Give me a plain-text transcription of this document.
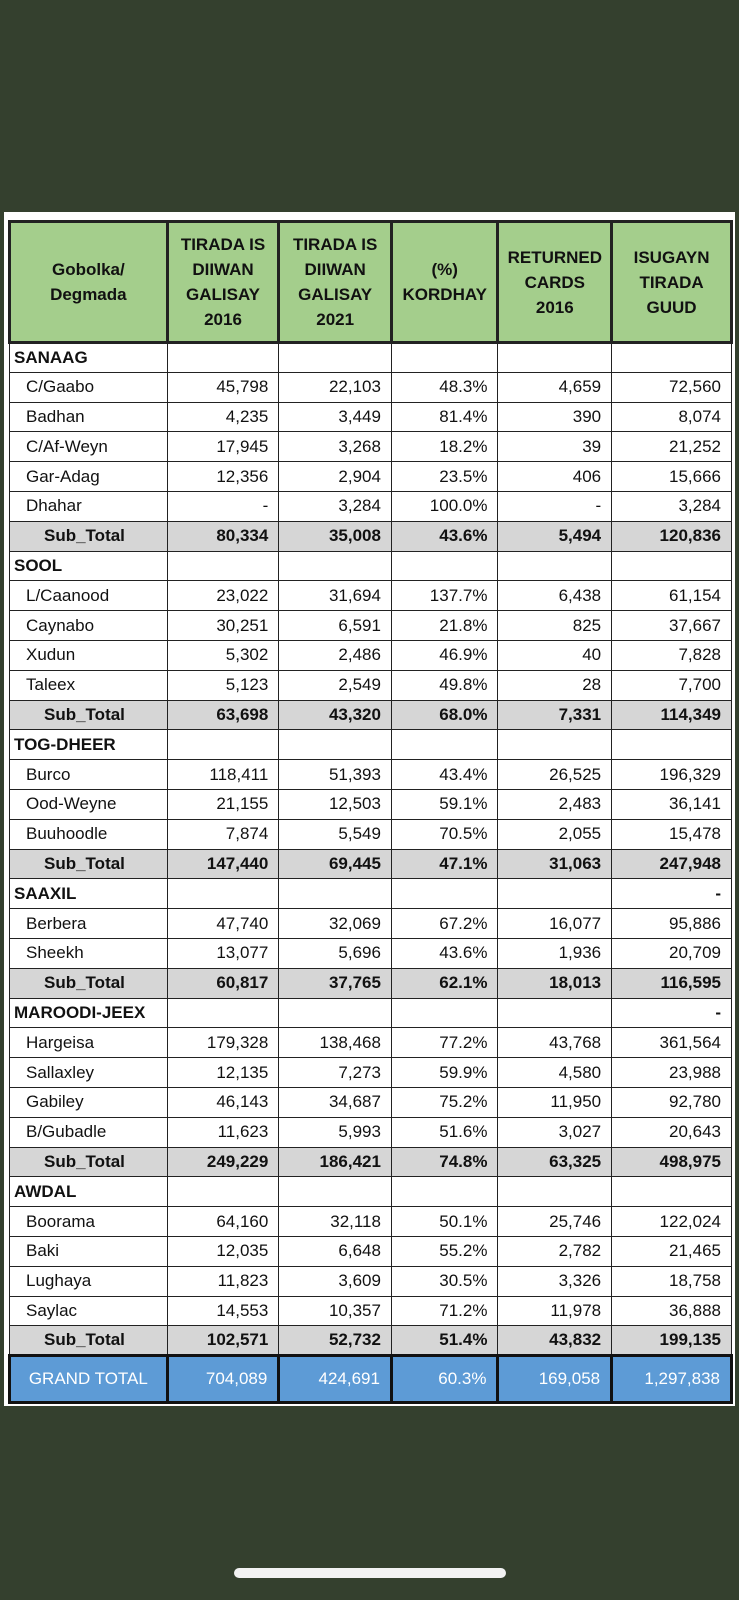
Gobolka/ Degmada	TIRADA IS DIIWAN GALISAY 2016	TIRADA IS DIIWAN GALISAY 2021	(%) KORDHAY	RETURNED CARDS 2016	ISUGAYN TIRADA GUUD
SANAAG					
C/Gaabo	45,798	22,103	48.3%	4,659	72,560
Badhan	4,235	3,449	81.4%	390	8,074
C/Af-Weyn	17,945	3,268	18.2%	39	21,252
Gar-Adag	12,356	2,904	23.5%	406	15,666
Dhahar	-	3,284	100.0%	-	3,284
Sub_Total	80,334	35,008	43.6%	5,494	120,836
SOOL					
L/Caanood	23,022	31,694	137.7%	6,438	61,154
Caynabo	30,251	6,591	21.8%	825	37,667
Xudun	5,302	2,486	46.9%	40	7,828
Taleex	5,123	2,549	49.8%	28	7,700
Sub_Total	63,698	43,320	68.0%	7,331	114,349
TOG-DHEER					
Burco	118,411	51,393	43.4%	26,525	196,329
Ood-Weyne	21,155	12,503	59.1%	2,483	36,141
Buuhoodle	7,874	5,549	70.5%	2,055	15,478
Sub_Total	147,440	69,445	47.1%	31,063	247,948
SAAXIL					-
Berbera	47,740	32,069	67.2%	16,077	95,886
Sheekh	13,077	5,696	43.6%	1,936	20,709
Sub_Total	60,817	37,765	62.1%	18,013	116,595
MAROODI-JEEX					-
Hargeisa	179,328	138,468	77.2%	43,768	361,564
Sallaxley	12,135	7,273	59.9%	4,580	23,988
Gabiley	46,143	34,687	75.2%	11,950	92,780
B/Gubadle	11,623	5,993	51.6%	3,027	20,643
Sub_Total	249,229	186,421	74.8%	63,325	498,975
AWDAL					
Boorama	64,160	32,118	50.1%	25,746	122,024
Baki	12,035	6,648	55.2%	2,782	21,465
Lughaya	11,823	3,609	30.5%	3,326	18,758
Saylac	14,553	10,357	71.2%	11,978	36,888
Sub_Total	102,571	52,732	51.4%	43,832	199,135
GRAND TOTAL	704,089	424,691	60.3%	169,058	1,297,838
